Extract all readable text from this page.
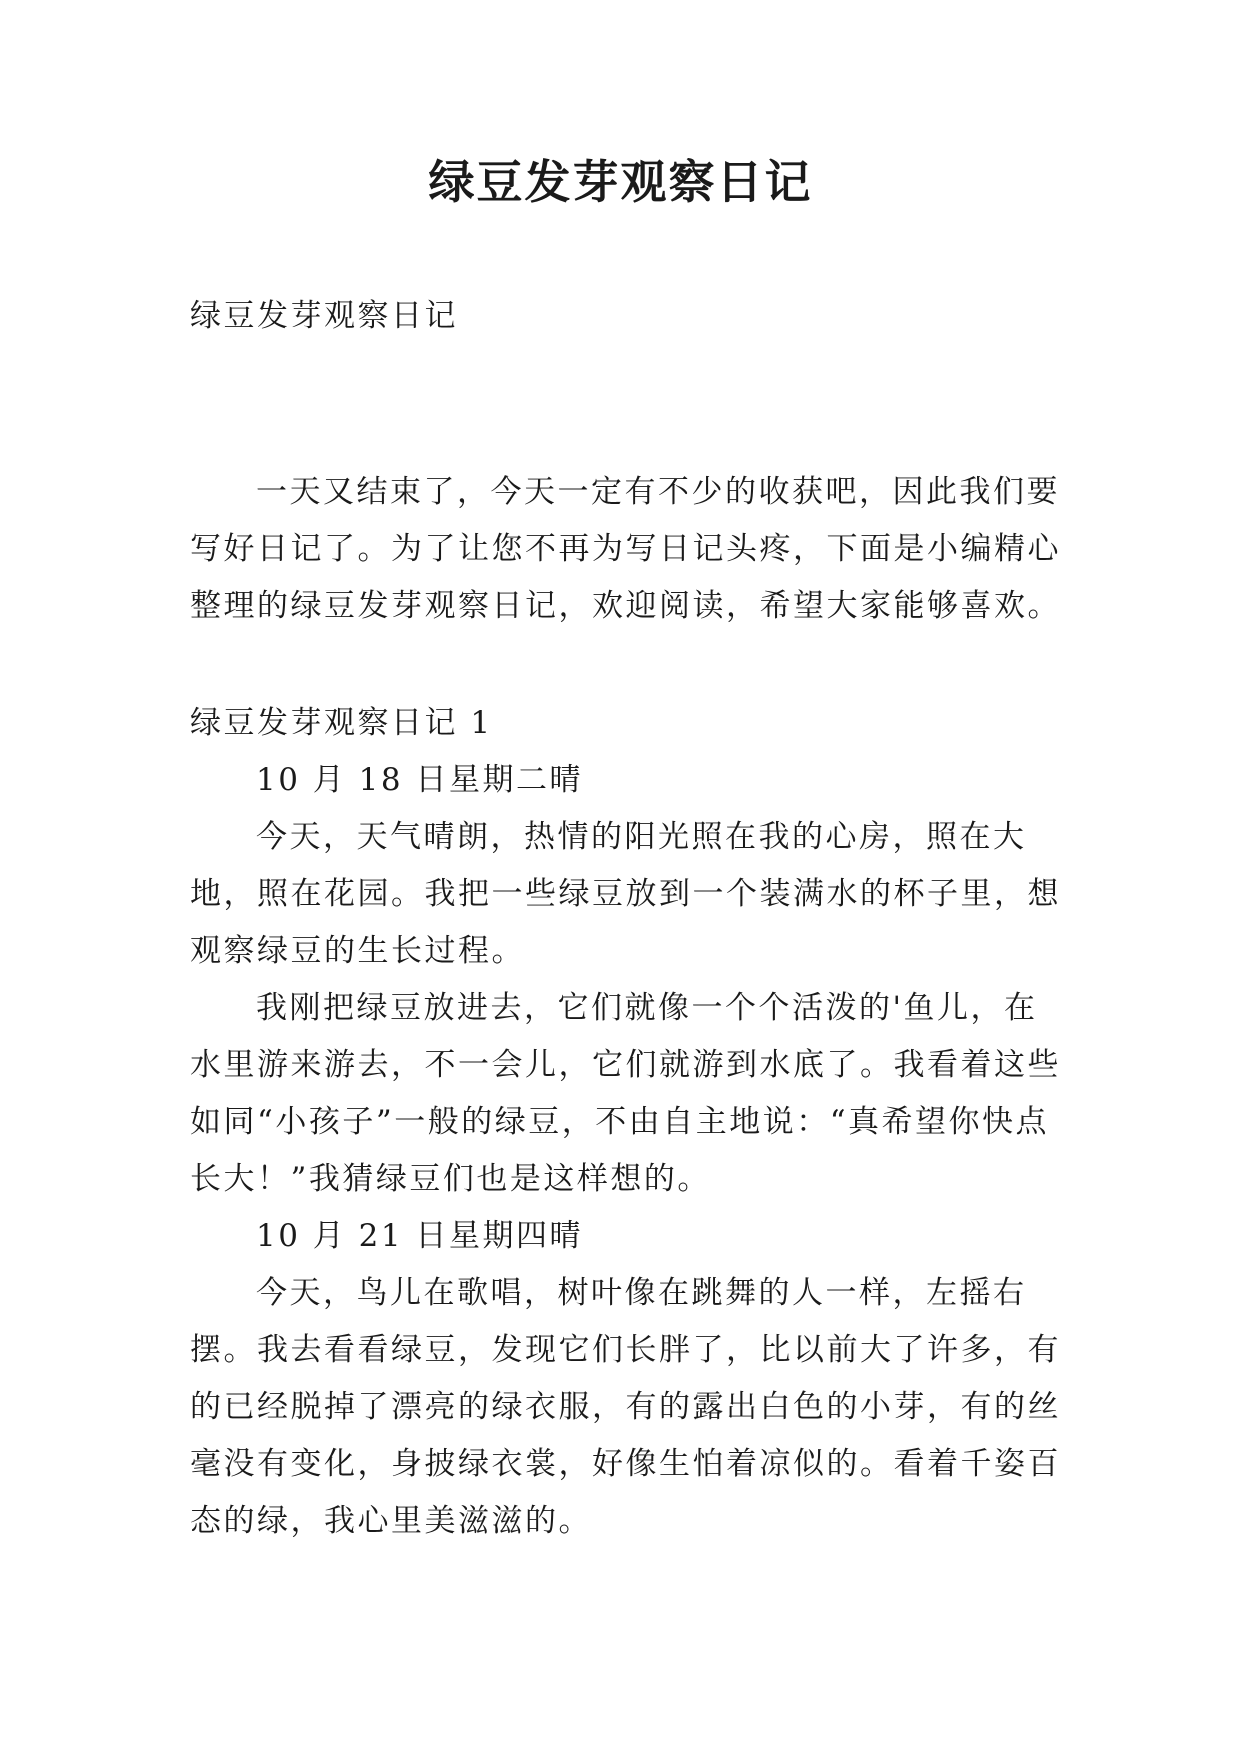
绿豆发芽观察日记

绿豆发芽观察日记

一天又结束了，今天一定有不少的收获吧，因此我们要写好日记了。为了让您不再为写日记头疼，下面是小编精心整理的绿豆发芽观察日记，欢迎阅读，希望大家能够喜欢。

绿豆发芽观察日记 1

10 月 18 日星期二晴

今天，天气晴朗，热情的阳光照在我的心房，照在大地，照在花园。我把一些绿豆放到一个装满水的杯子里，想观察绿豆的生长过程。

我刚把绿豆放进去，它们就像一个个活泼的'鱼儿，在水里游来游去，不一会儿，它们就游到水底了。我看着这些如同“小孩子”一般的绿豆，不由自主地说：“真希望你快点长大！”我猜绿豆们也是这样想的。

10 月 21 日星期四晴

今天，鸟儿在歌唱，树叶像在跳舞的人一样，左摇右摆。我去看看绿豆，发现它们长胖了，比以前大了许多，有的已经脱掉了漂亮的绿衣服，有的露出白色的小芽，有的丝毫没有变化，身披绿衣裳，好像生怕着凉似的。看着千姿百态的绿，我心里美滋滋的。
